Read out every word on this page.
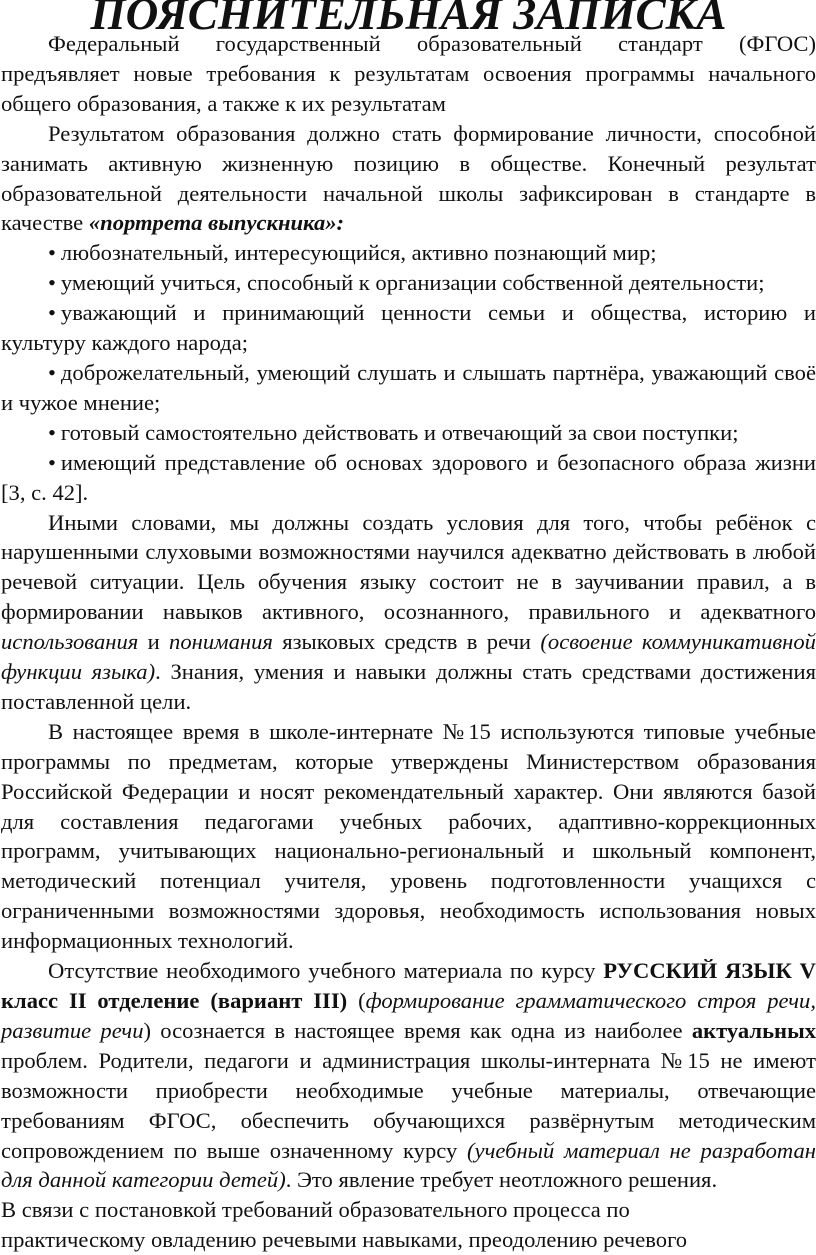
ПОЯСНИТЕЛЬНАЯ ЗАПИСКА

Федеральный государственный образовательный стандарт (ФГОС) предъявляет новые требования к результатам освоения программы начального общего образования, а также к их результатам

Результатом образования должно стать формирование личности, способной занимать активную жизненную позицию в обществе. Конечный результат образовательной деятельности начальной школы зафиксирован в стандарте в качестве «портрета выпускника»:

• любознательный, интересующийся, активно познающий мир;

• умеющий учиться, способный к организации собственной деятельности;

• уважающий и принимающий ценности семьи и общества, историю и культуру каждого народа;

• доброжелательный, умеющий слушать и слышать партнёра, уважающий своё и чужое мнение;

• готовый самостоятельно действовать и отвечающий за свои поступки;

• имеющий представление об основах здорового и безопасного образа жизни [3, с. 42].

Иными словами, мы должны создать условия для того, чтобы ребёнок с нарушенными слуховыми возможностями научился адекватно действовать в любой речевой ситуации. Цель обучения языку состоит не в заучивании правил, а в формировании навыков активного, осознанного, правильного и адекватного использования и понимания языковых средств в речи (освоение коммуникативной функции языка). Знания, умения и навыки должны стать средствами достижения поставленной цели.

В настоящее время в школе-интернате №15 используются типовые учебные программы по предметам, которые утверждены Министерством образования Российской Федерации и носят рекомендательный характер. Они являются базой для составления педагогами учебных рабочих, адаптивно-коррекционных программ, учитывающих национально-региональный и школьный компонент, методический потенциал учителя, уровень подготовленности учащихся с ограниченными возможностями здоровья, необходимость использования новых информационных технологий.

Отсутствие необходимого учебного материала по курсу РУССКИЙ ЯЗЫК V класс II отделение (вариант III) (формирование грамматического строя речи, развитие речи) осознается в настоящее время как одна из наиболее актуальных проблем. Родители, педагоги и администрация школы-интерната №15 не имеют возможности приобрести необходимые учебные материалы, отвечающие требованиям ФГОС, обеспечить обучающихся развёрнутым методическим сопровождением по выше означенному курсу (учебный материал не разработан для данной категории детей). Это явление требует неотложного решения.

В связи с постановкой требований образовательного процесса по

практическому овладению речевыми навыками, преодолению речевого
